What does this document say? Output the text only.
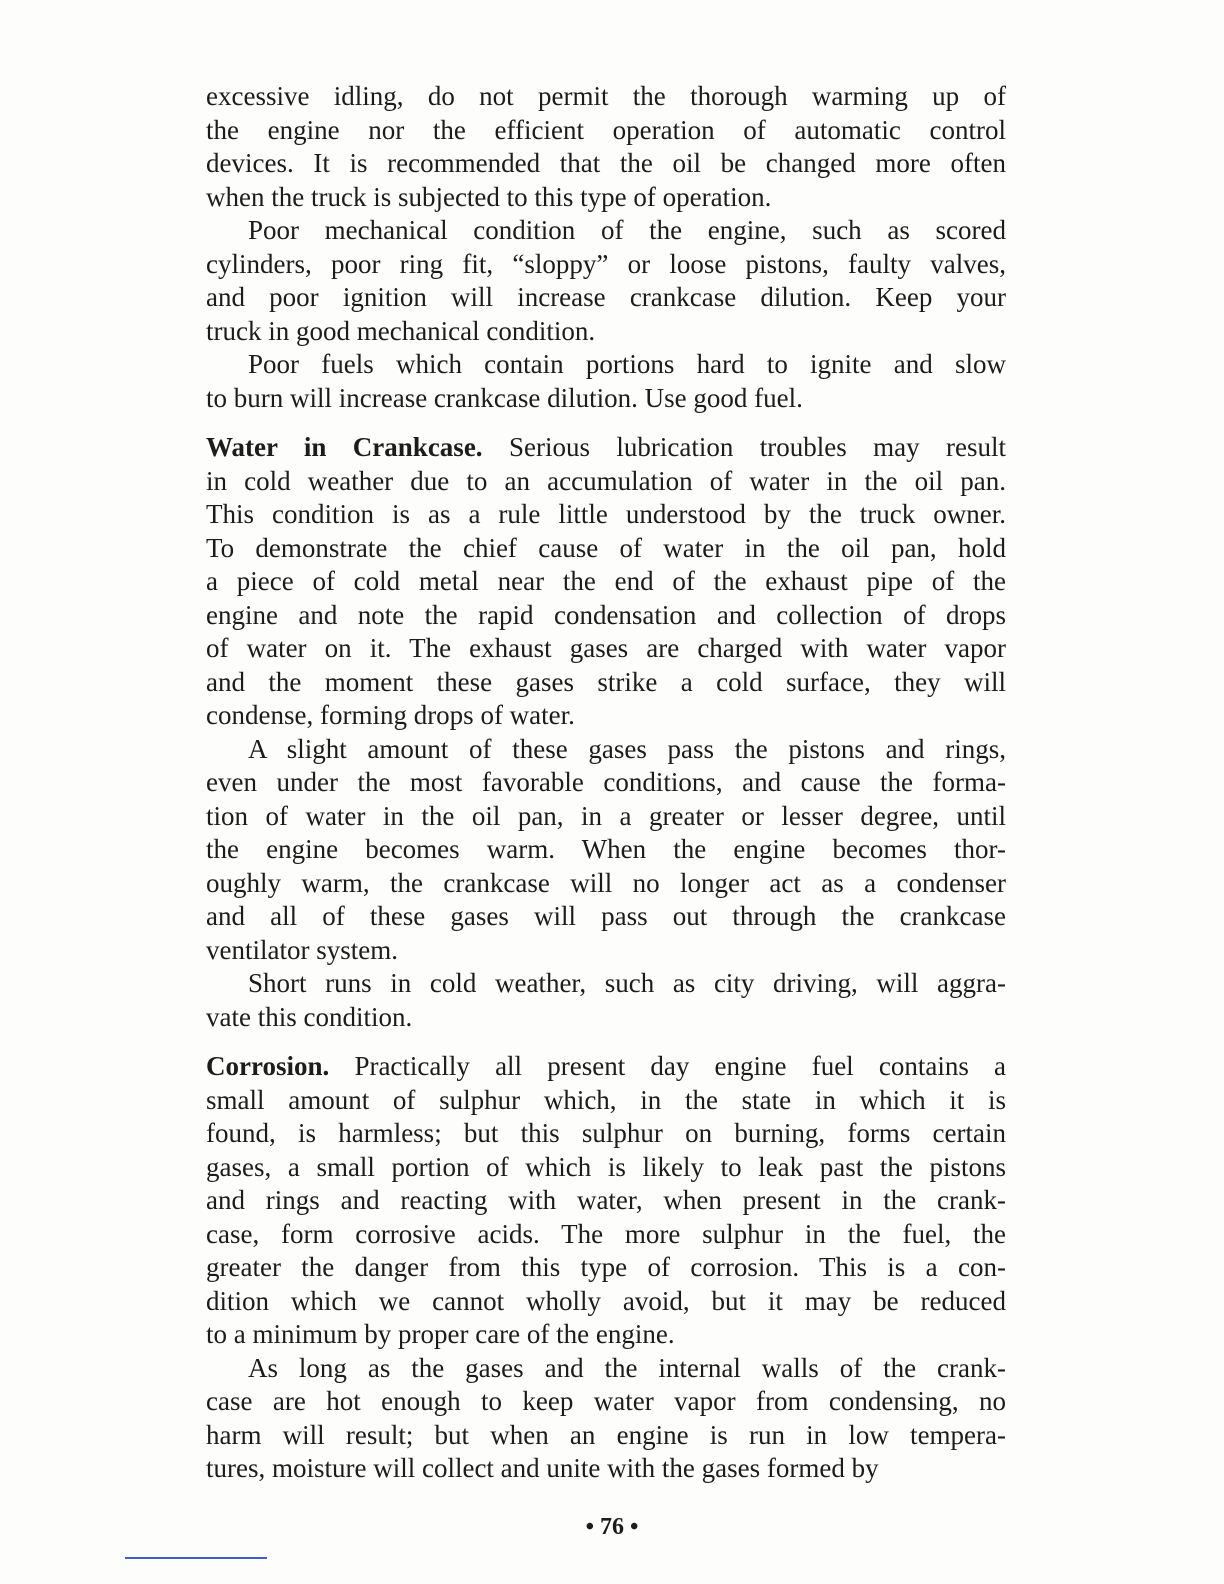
excessive idling, do not permit the thorough warming up of
the engine nor the efficient operation of automatic control
devices. It is recommended that the oil be changed more often
when the truck is subjected to this type of operation.
Poor mechanical condition of the engine, such as scored
cylinders, poor ring fit, “sloppy” or loose pistons, faulty valves,
and poor ignition will increase crankcase dilution. Keep your
truck in good mechanical condition.
Poor fuels which contain portions hard to ignite and slow
to burn will increase crankcase dilution. Use good fuel.
Water in Crankcase. Serious lubrication troubles may result
in cold weather due to an accumulation of water in the oil pan.
This condition is as a rule little understood by the truck owner.
To demonstrate the chief cause of water in the oil pan, hold
a piece of cold metal near the end of the exhaust pipe of the
engine and note the rapid condensation and collection of drops
of water on it. The exhaust gases are charged with water vapor
and the moment these gases strike a cold surface, they will
condense, forming drops of water.
A slight amount of these gases pass the pistons and rings,
even under the most favorable conditions, and cause the forma-
tion of water in the oil pan, in a greater or lesser degree, until
the engine becomes warm. When the engine becomes thor-
oughly warm, the crankcase will no longer act as a condenser
and all of these gases will pass out through the crankcase
ventilator system.
Short runs in cold weather, such as city driving, will aggra-
vate this condition.
Corrosion. Practically all present day engine fuel contains a
small amount of sulphur which, in the state in which it is
found, is harmless; but this sulphur on burning, forms certain
gases, a small portion of which is likely to leak past the pistons
and rings and reacting with water, when present in the crank-
case, form corrosive acids. The more sulphur in the fuel, the
greater the danger from this type of corrosion. This is a con-
dition which we cannot wholly avoid, but it may be reduced
to a minimum by proper care of the engine.
As long as the gases and the internal walls of the crank-
case are hot enough to keep water vapor from condensing, no
harm will result; but when an engine is run in low tempera-
tures, moisture will collect and unite with the gases formed by
• 76 •
